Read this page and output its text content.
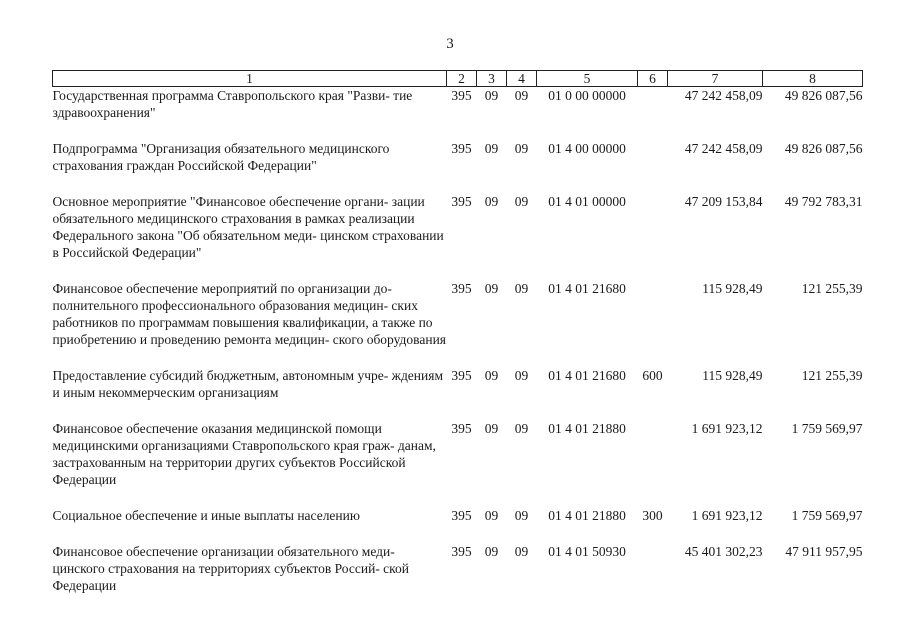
3
1	2	3	4	5	6	7	8
Государственная программа Ставропольского края "Разви- тие здравоохранения"	395	09	09	01 0 00 00000		47 242 458,09	49 826 087,56
Подпрограмма "Организация обязательного медицинского страхования граждан Российской Федерации"	395	09	09	01 4 00 00000		47 242 458,09	49 826 087,56
Основное мероприятие "Финансовое обеспечение органи- зации обязательного медицинского страхования в рамках реализации Федерального закона "Об обязательном меди- цинском страховании в Российской Федерации"	395	09	09	01 4 01 00000		47 209 153,84	49 792 783,31
Финансовое обеспечение мероприятий по организации до- полнительного профессионального образования медицин- ских работников по программам повышения квалификации, а также по приобретению и проведению ремонта медицин- ского оборудования	395	09	09	01 4 01 21680		115 928,49	121 255,39
Предоставление субсидий бюджетным, автономным учре- ждениям и иным некоммерческим организациям	395	09	09	01 4 01 21680	600	115 928,49	121 255,39
Финансовое обеспечение оказания медицинской помощи медицинскими организациями Ставропольского края граж- данам, застрахованным на территории других субъектов Российской Федерации	395	09	09	01 4 01 21880		1 691 923,12	1 759 569,97
Социальное обеспечение и иные выплаты населению	395	09	09	01 4 01 21880	300	1 691 923,12	1 759 569,97
Финансовое обеспечение организации обязательного меди- цинского страхования на территориях субъектов Россий- ской Федерации	395	09	09	01 4 01 50930		45 401 302,23	47 911 957,95
